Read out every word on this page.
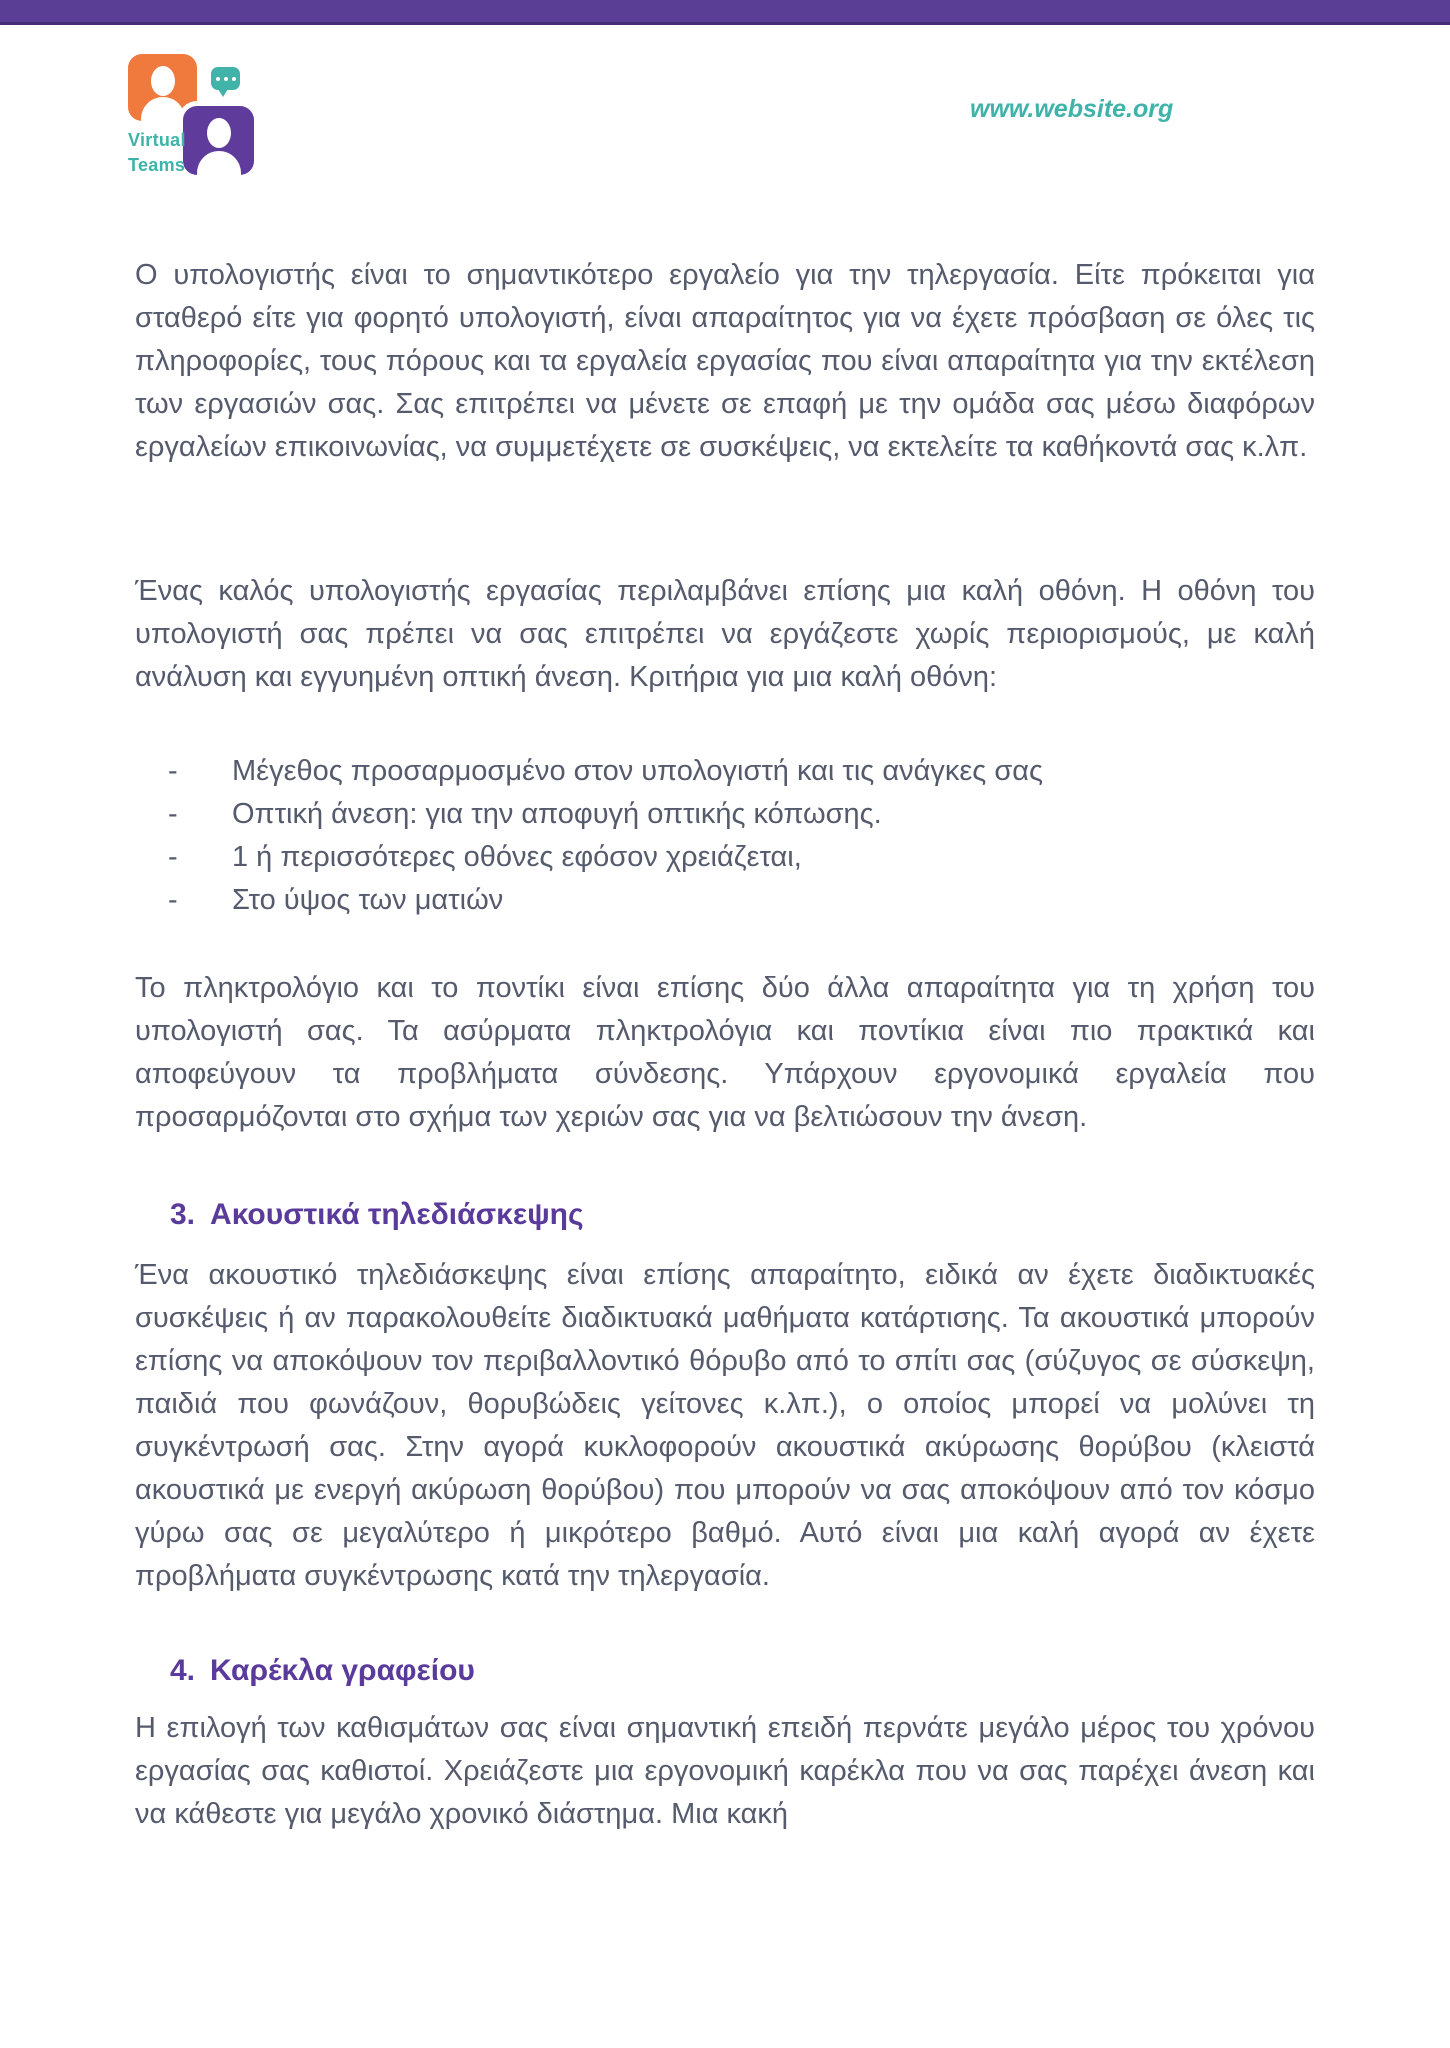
Virtual
Teams
www.website.org

Ο υπολογιστής είναι το σημαντικότερο εργαλείο για την τηλεργασία. Είτε πρόκειται για σταθερό είτε για φορητό υπολογιστή, είναι απαραίτητος για να έχετε πρόσβαση σε όλες τις πληροφορίες, τους πόρους και τα εργαλεία εργασίας που είναι απαραίτητα για την εκτέλεση των εργασιών σας. Σας επιτρέπει να μένετε σε επαφή με την ομάδα σας μέσω διαφόρων εργαλείων επικοινωνίας, να συμμετέχετε σε συσκέψεις, να εκτελείτε τα καθήκοντά σας κ.λπ.

Ένας καλός υπολογιστής εργασίας περιλαμβάνει επίσης μια καλή οθόνη. Η οθόνη του υπολογιστή σας πρέπει να σας επιτρέπει να εργάζεστε χωρίς περιορισμούς, με καλή ανάλυση και εγγυημένη οπτική άνεση. Κριτήρια για μια καλή οθόνη:

- Μέγεθος προσαρμοσμένο στον υπολογιστή και τις ανάγκες σας
- Οπτική άνεση: για την αποφυγή οπτικής κόπωσης.
- 1 ή περισσότερες οθόνες εφόσον χρειάζεται,
- Στο ύψος των ματιών

Το πληκτρολόγιο και το ποντίκι είναι επίσης δύο άλλα απαραίτητα για τη χρήση του υπολογιστή σας. Τα ασύρματα πληκτρολόγια και ποντίκια είναι πιο πρακτικά και αποφεύγουν τα προβλήματα σύνδεσης. Υπάρχουν εργονομικά εργαλεία που προσαρμόζονται στο σχήμα των χεριών σας για να βελτιώσουν την άνεση.

3. Ακουστικά τηλεδιάσκεψης

Ένα ακουστικό τηλεδιάσκεψης είναι επίσης απαραίτητο, ειδικά αν έχετε διαδικτυακές συσκέψεις ή αν παρακολουθείτε διαδικτυακά μαθήματα κατάρτισης. Τα ακουστικά μπορούν επίσης να αποκόψουν τον περιβαλλοντικό θόρυβο από το σπίτι σας (σύζυγος σε σύσκεψη, παιδιά που φωνάζουν, θορυβώδεις γείτονες κ.λπ.), ο οποίος μπορεί να μολύνει τη συγκέντρωσή σας. Στην αγορά κυκλοφορούν ακουστικά ακύρωσης θορύβου (κλειστά ακουστικά με ενεργή ακύρωση θορύβου) που μπορούν να σας αποκόψουν από τον κόσμο γύρω σας σε μεγαλύτερο ή μικρότερο βαθμό. Αυτό είναι μια καλή αγορά αν έχετε προβλήματα συγκέντρωσης κατά την τηλεργασία.

4. Καρέκλα γραφείου

Η επιλογή των καθισμάτων σας είναι σημαντική επειδή περνάτε μεγάλο μέρος του χρόνου εργασίας σας καθιστοί. Χρειάζεστε μια εργονομική καρέκλα που να σας παρέχει άνεση και να κάθεστε για μεγάλο χρονικό διάστημα. Μια κακή
